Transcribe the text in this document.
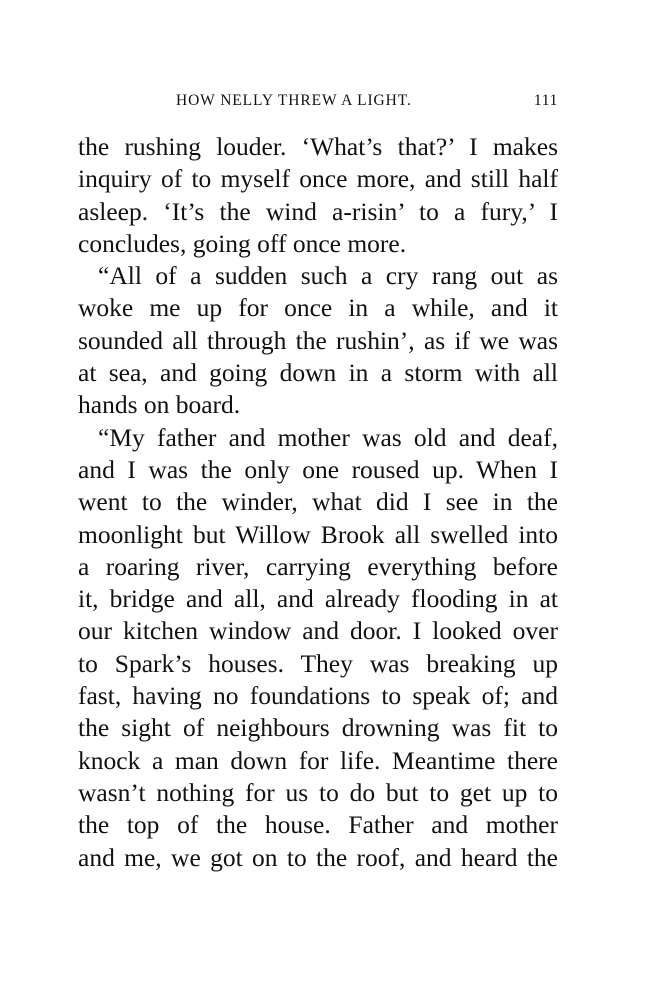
HOW NELLY THREW A LIGHT.	111
the rushing louder. ‘What’s that?’ I makes
inquiry of to myself once more, and still half
asleep. ‘It’s the wind a-risin’ to a fury,’ I
concludes, going off once more.
“All of a sudden such a cry rang out as
woke me up for once in a while, and it
sounded all through the rushin’, as if we was
at sea, and going down in a storm with all
hands on board.
“My father and mother was old and deaf,
and I was the only one roused up. When I
went to the winder, what did I see in the
moonlight but Willow Brook all swelled into
a roaring river, carrying everything before
it, bridge and all, and already flooding in at
our kitchen window and door. I looked over
to Spark’s houses. They was breaking up
fast, having no foundations to speak of; and
the sight of neighbours drowning was fit to
knock a man down for life. Meantime there
wasn’t nothing for us to do but to get up to
the top of the house. Father and mother
and me, we got on to the roof, and heard the
